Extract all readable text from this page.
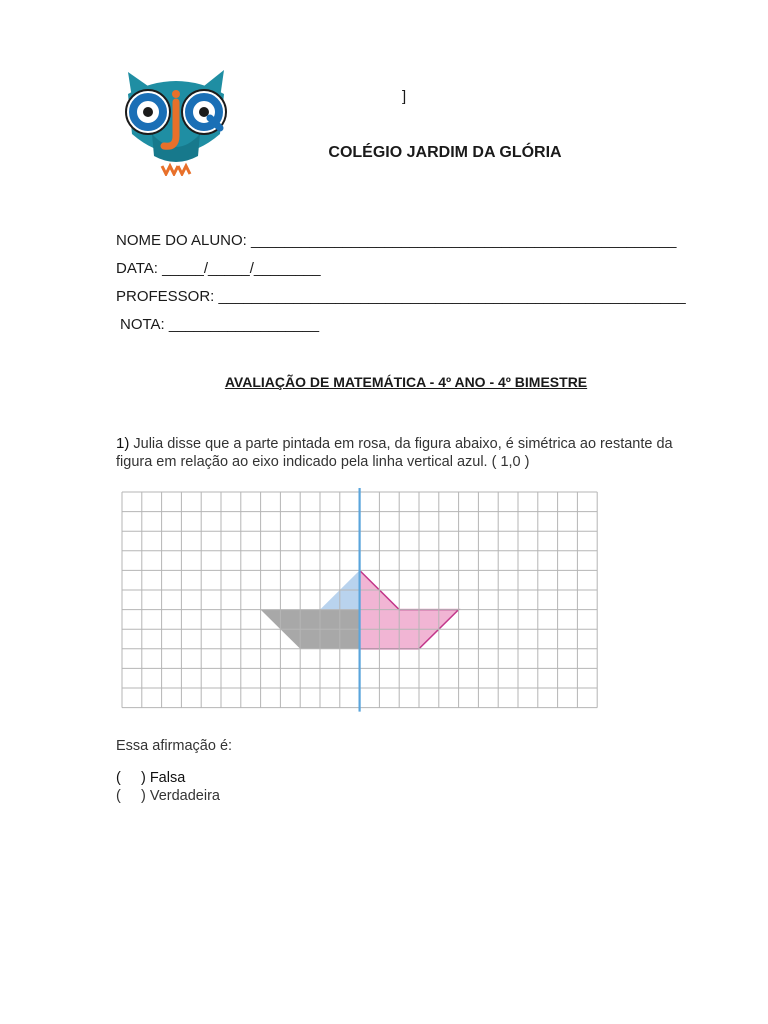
]
COLÉGIO JARDIM DA GLÓRIA
NOME DO ALUNO: ___________________________________________________
DATA: _____/_____/________
PROFESSOR: ________________________________________________________
NOTA: __________________
AVALIAÇÃO DE MATEMÁTICA - 4º ANO - 4º BIMESTRE
1) Julia disse que a parte pintada em rosa, da figura abaixo, é simétrica ao restante da figura em relação ao eixo indicado pela linha vertical azul. ( 1,0 )
Essa afirmação é:
(     ) Falsa
(     ) Verdadeira
